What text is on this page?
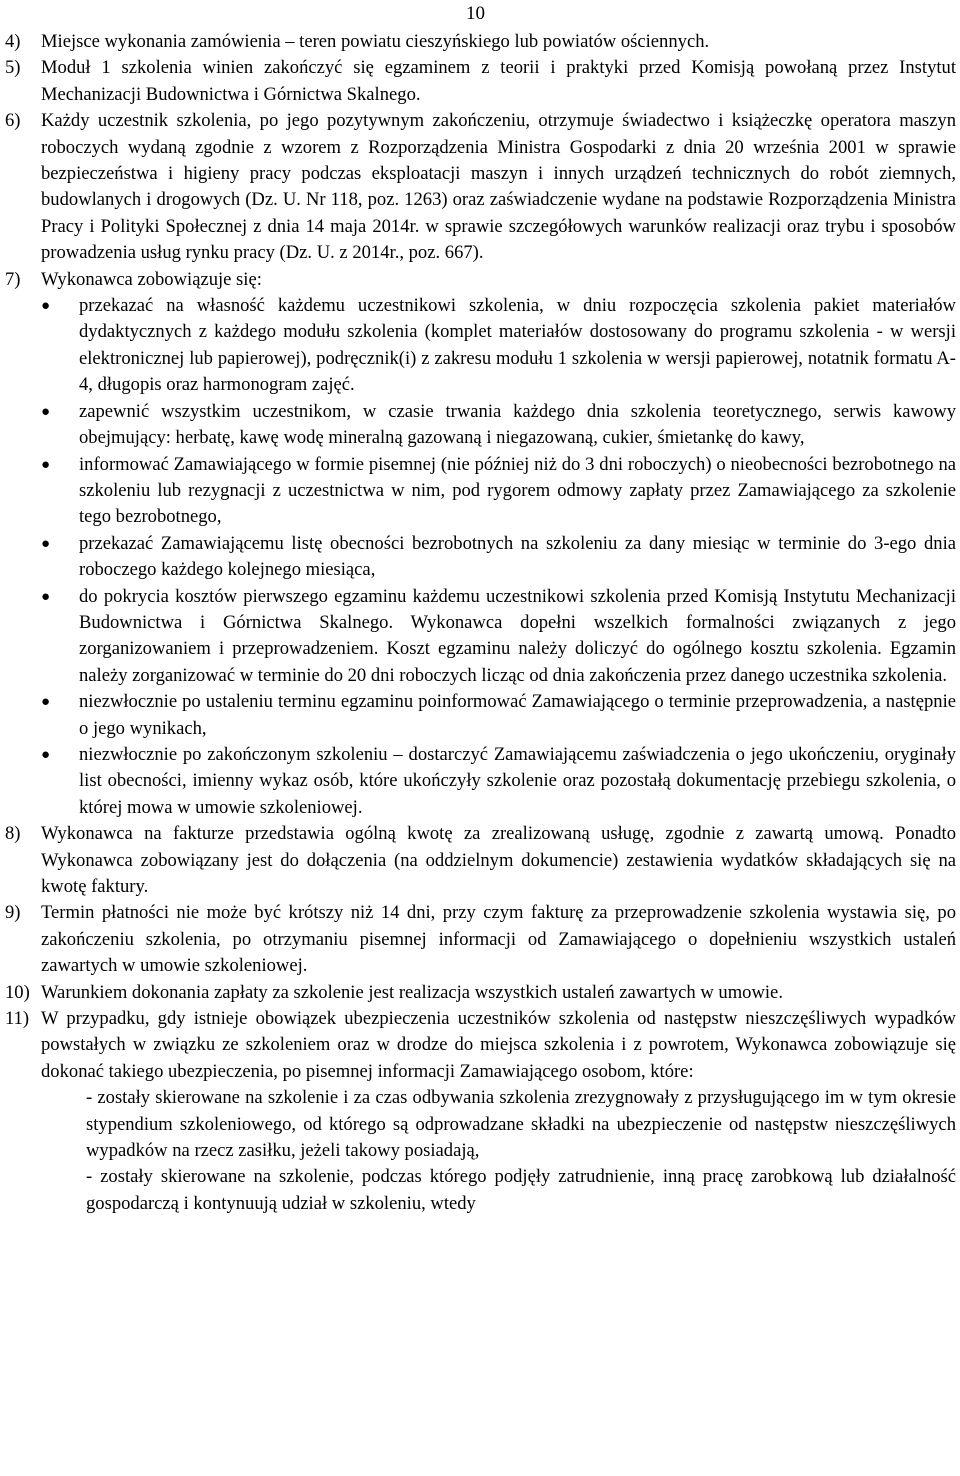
10

4)	Miejsce wykonania zamówienia – teren powiatu cieszyńskiego lub powiatów ościennych.

5)	Moduł 1 szkolenia winien zakończyć się egzaminem z teorii i praktyki przed Komisją powołaną przez Instytut Mechanizacji Budownictwa i Górnictwa Skalnego.

6)	Każdy uczestnik szkolenia, po jego pozytywnym zakończeniu, otrzymuje świadectwo i książeczkę operatora maszyn roboczych wydaną zgodnie z wzorem z Rozporządzenia Ministra Gospodarki z dnia 20 września 2001 w sprawie bezpieczeństwa i higieny pracy podczas eksploatacji maszyn i innych urządzeń technicznych do robót ziemnych, budowlanych i drogowych (Dz. U. Nr 118, poz. 1263) oraz zaświadczenie wydane na podstawie Rozporządzenia Ministra Pracy i Polityki Społecznej z dnia 14 maja 2014r. w sprawie szczegółowych warunków realizacji oraz trybu i sposobów prowadzenia usług rynku pracy (Dz. U. z 2014r., poz. 667).

7)	Wykonawca zobowiązuje się:

●
przekazać na własność każdemu uczestnikowi szkolenia, w dniu rozpoczęcia szkolenia pakiet materiałów dydaktycznych z każdego modułu szkolenia (komplet materiałów dostosowany do programu szkolenia - w wersji elektronicznej lub papierowej), podręcznik(i) z zakresu modułu 1 szkolenia w wersji papierowej, notatnik formatu A-4, długopis oraz harmonogram zajęć.
●
zapewnić wszystkim uczestnikom, w czasie trwania każdego dnia szkolenia teoretycznego, serwis kawowy obejmujący: herbatę, kawę wodę mineralną gazowaną i niegazowaną, cukier, śmietankę do kawy,
●
informować Zamawiającego w formie pisemnej (nie później niż do 3 dni roboczych) o nieobecności bezrobotnego na szkoleniu lub rezygnacji z uczestnictwa w nim, pod rygorem odmowy zapłaty przez Zamawiającego za szkolenie tego bezrobotnego,
●
przekazać Zamawiającemu listę obecności bezrobotnych na szkoleniu za dany miesiąc w terminie do 3-ego dnia roboczego każdego kolejnego miesiąca,
●
do pokrycia kosztów pierwszego egzaminu każdemu uczestnikowi szkolenia przed Komisją Instytutu Mechanizacji Budownictwa i Górnictwa Skalnego. Wykonawca dopełni wszelkich formalności związanych z jego zorganizowaniem i przeprowadzeniem. Koszt egzaminu należy doliczyć do ogólnego kosztu szkolenia. Egzamin należy zorganizować w terminie do 20 dni roboczych licząc od dnia zakończenia przez danego uczestnika szkolenia.
●
niezwłocznie po ustaleniu terminu egzaminu poinformować Zamawiającego o terminie przeprowadzenia, a następnie o jego wynikach,
●
niezwłocznie po zakończonym szkoleniu – dostarczyć Zamawiającemu zaświadczenia o jego ukończeniu, oryginały list obecności, imienny wykaz osób, które ukończyły szkolenie oraz pozostałą dokumentację przebiegu szkolenia, o której mowa w umowie szkoleniowej.

8)	Wykonawca na fakturze przedstawia ogólną kwotę za zrealizowaną usługę, zgodnie z zawartą umową. Ponadto Wykonawca zobowiązany jest do dołączenia (na oddzielnym dokumencie) zestawienia wydatków składających się na kwotę faktury.

9)	Termin płatności nie może być krótszy niż 14 dni, przy czym fakturę za przeprowadzenie szkolenia wystawia się, po zakończeniu szkolenia, po otrzymaniu pisemnej informacji od Zamawiającego o dopełnieniu wszystkich ustaleń zawartych w umowie szkoleniowej.

10) Warunkiem dokonania zapłaty za szkolenie jest realizacja wszystkich ustaleń zawartych w umowie.

11) W przypadku, gdy istnieje obowiązek ubezpieczenia uczestników szkolenia od następstw nieszczęśliwych wypadków powstałych w związku ze szkoleniem oraz w drodze do miejsca szkolenia i z powrotem, Wykonawca zobowiązuje się dokonać takiego ubezpieczenia, po pisemnej informacji Zamawiającego osobom, które:

- zostały skierowane na szkolenie i za czas odbywania szkolenia zrezygnowały z przysługującego im w tym okresie stypendium szkoleniowego, od którego są odprowadzane składki na ubezpieczenie od następstw nieszczęśliwych wypadków na rzecz zasiłku, jeżeli takowy posiadają,
- zostały skierowane na szkolenie, podczas którego podjęły zatrudnienie, inną pracę zarobkową lub działalność gospodarczą i kontynuują udział w szkoleniu, wtedy
